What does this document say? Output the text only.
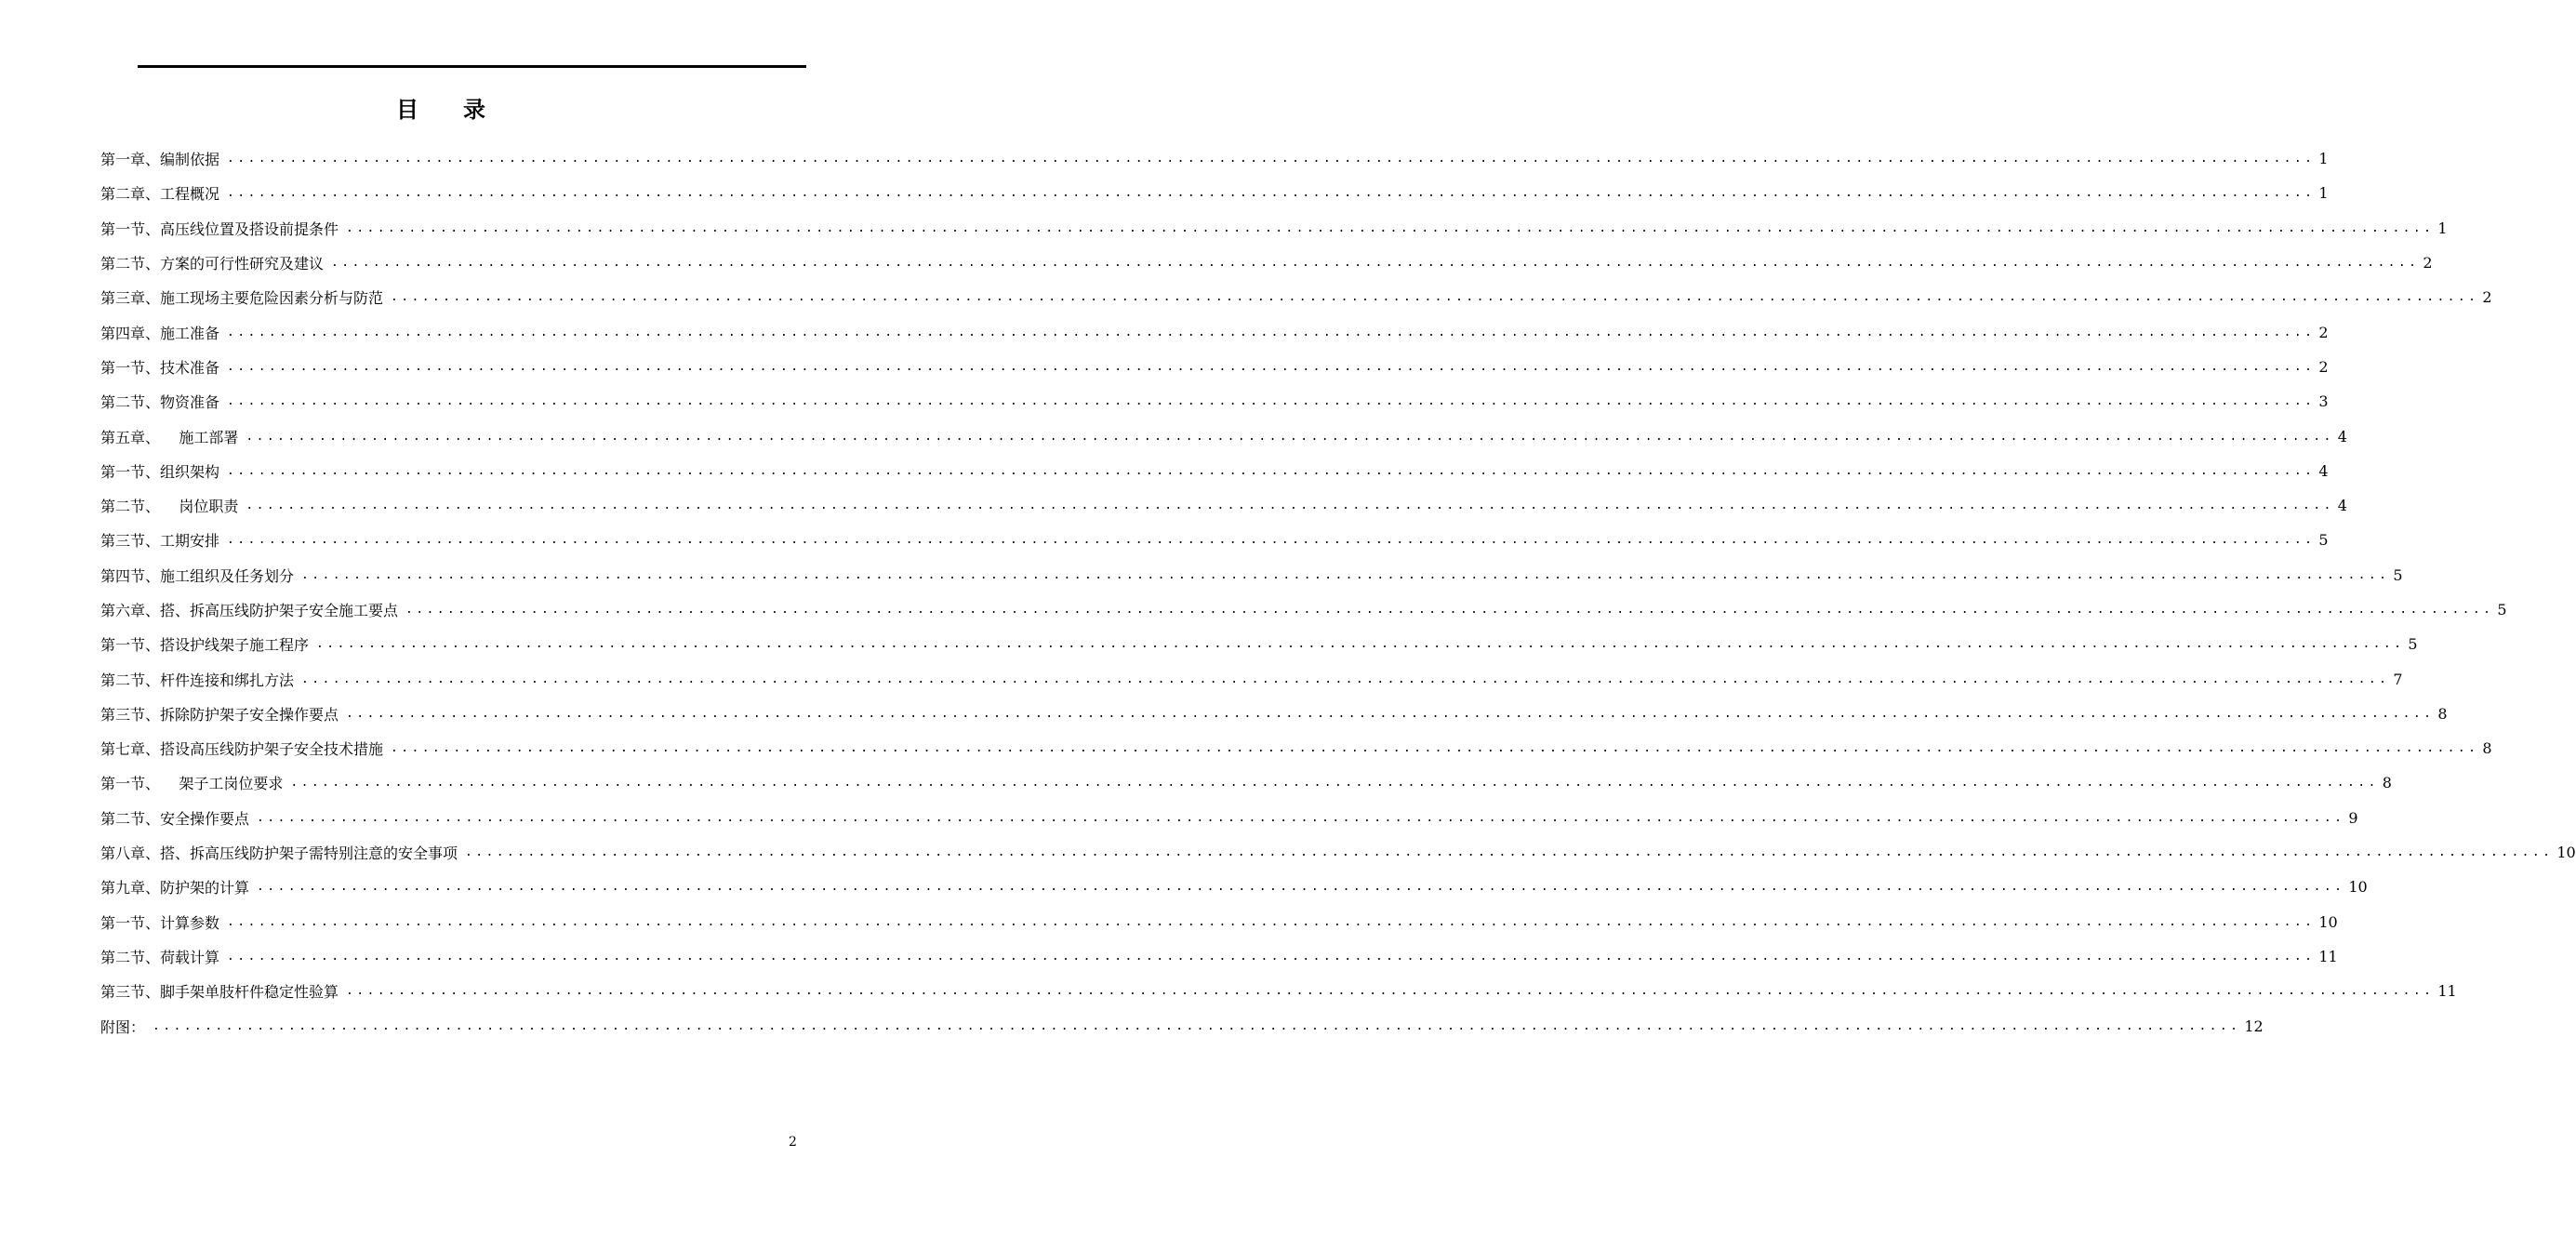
目 录
第一章、编制依据 ........................................................................................................................................................................................................ 1
第二章、工程概况 ........................................................................................................................................................................................................ 1
第一节、高压线位置及搭设前提条件 ........................................................................................................................................................................................................ 1
第二节、方案的可行性研究及建议 ........................................................................................................................................................................................................ 2
第三章、施工现场主要危险因素分析与防范 ........................................................................................................................................................................................................ 2
第四章、施工准备 ........................................................................................................................................................................................................ 2
第一节、技术准备 ........................................................................................................................................................................................................ 2
第二节、物资准备 ........................................................................................................................................................................................................ 3
第五章、    施工部署 ........................................................................................................................................................................................................ 4
第一节、组织架构 ........................................................................................................................................................................................................ 4
第二节、    岗位职责 ........................................................................................................................................................................................................ 4
第三节、工期安排 ........................................................................................................................................................................................................ 5
第四节、施工组织及任务划分 ........................................................................................................................................................................................................ 5
第六章、搭、拆高压线防护架子安全施工要点 ........................................................................................................................................................................................................ 5
第一节、搭设护线架子施工程序 ........................................................................................................................................................................................................ 5
第二节、杆件连接和绑扎方法 ........................................................................................................................................................................................................ 7
第三节、拆除防护架子安全操作要点 ........................................................................................................................................................................................................ 8
第七章、搭设高压线防护架子安全技术措施 ........................................................................................................................................................................................................ 8
第一节、    架子工岗位要求 ........................................................................................................................................................................................................ 8
第二节、安全操作要点 ........................................................................................................................................................................................................ 9
第八章、搭、拆高压线防护架子需特别注意的安全事项 ........................................................................................................................................................................................................ 10
第九章、防护架的计算 ........................................................................................................................................................................................................ 10
第一节、计算参数 ........................................................................................................................................................................................................ 10
第二节、荷载计算 ........................................................................................................................................................................................................ 11
第三节、脚手架单肢杆件稳定性验算 ........................................................................................................................................................................................................ 11
附图： ........................................................................................................................................................................................................ 12
2
